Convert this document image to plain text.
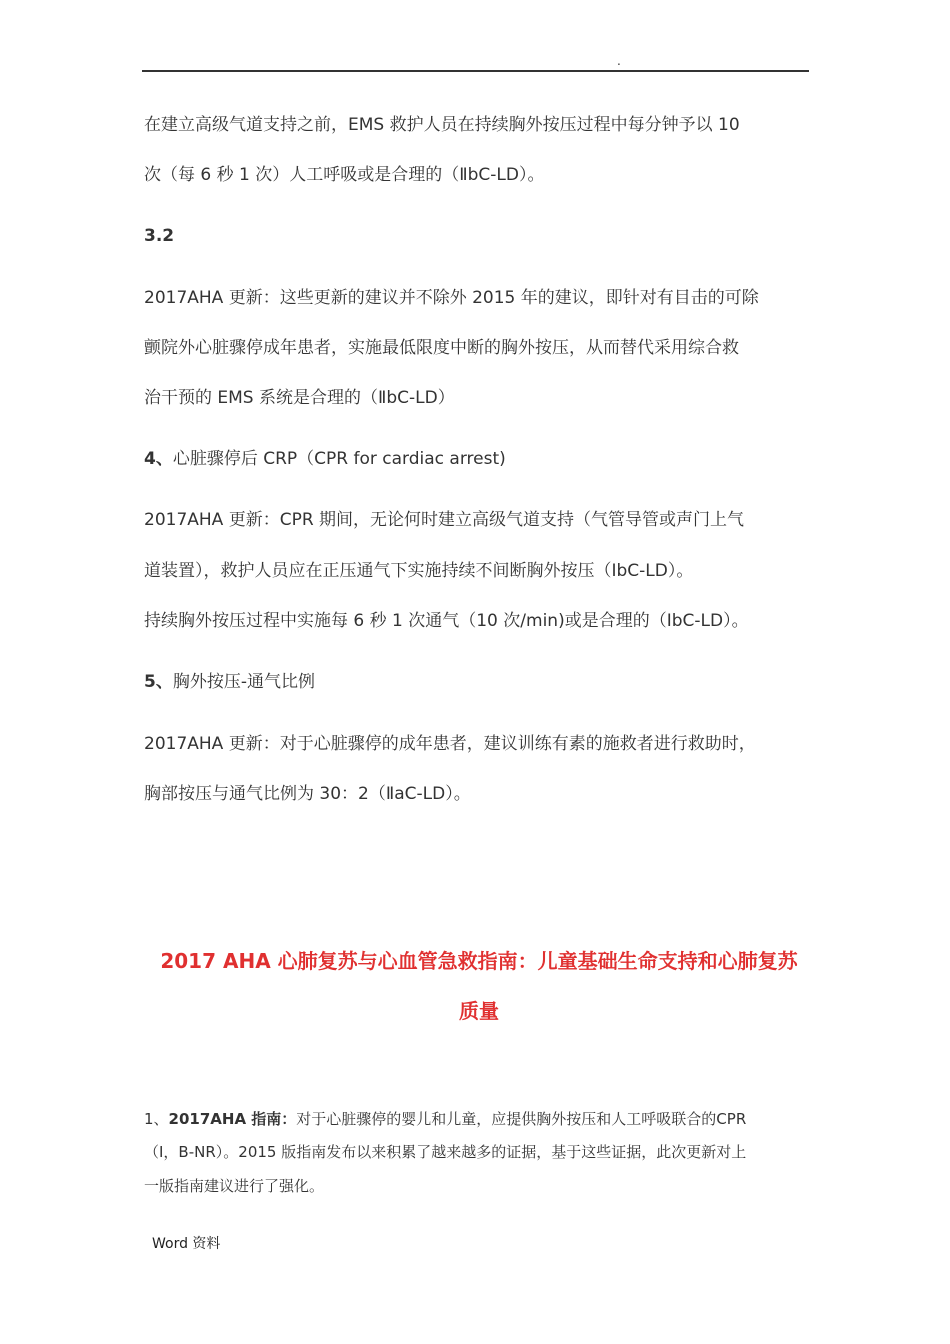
.
在建立高级气道支持之前，EMS 救护人员在持续胸外按压过程中每分钟予以 10
次（每 6 秒 1 次）人工呼吸或是合理的（ⅡbC-LD）。
3.2
2017AHA 更新：这些更新的建议并不除外 2015 年的建议，即针对有目击的可除
颤院外心脏骤停成年患者，实施最低限度中断的胸外按压，从而替代采用综合救
治干预的 EMS 系统是合理的（ⅡbC-LD）
4、心脏骤停后 CRP（CPR for cardiac arrest)
2017AHA 更新：CPR 期间，无论何时建立高级气道支持（气管导管或声门上气
道装置），救护人员应在正压通气下实施持续不间断胸外按压（ⅠbC-LD）。
持续胸外按压过程中实施每 6 秒 1 次通气（10 次/min)或是合理的（ⅠbC-LD）。
5、胸外按压-通气比例
2017AHA 更新：对于心脏骤停的成年患者，建议训练有素的施救者进行救助时，
胸部按压与通气比例为 30：2（ⅡaC-LD）。
2017 AHA 心肺复苏与心血管急救指南：儿童基础生命支持和心肺复苏
质量
1、2017AHA 指南：对于心脏骤停的婴儿和儿童，应提供胸外按压和人工呼吸联合的CPR
（I，B-NR）。2015 版指南发布以来积累了越来越多的证据，基于这些证据，此次更新对上
一版指南建议进行了强化。
Word 资料
